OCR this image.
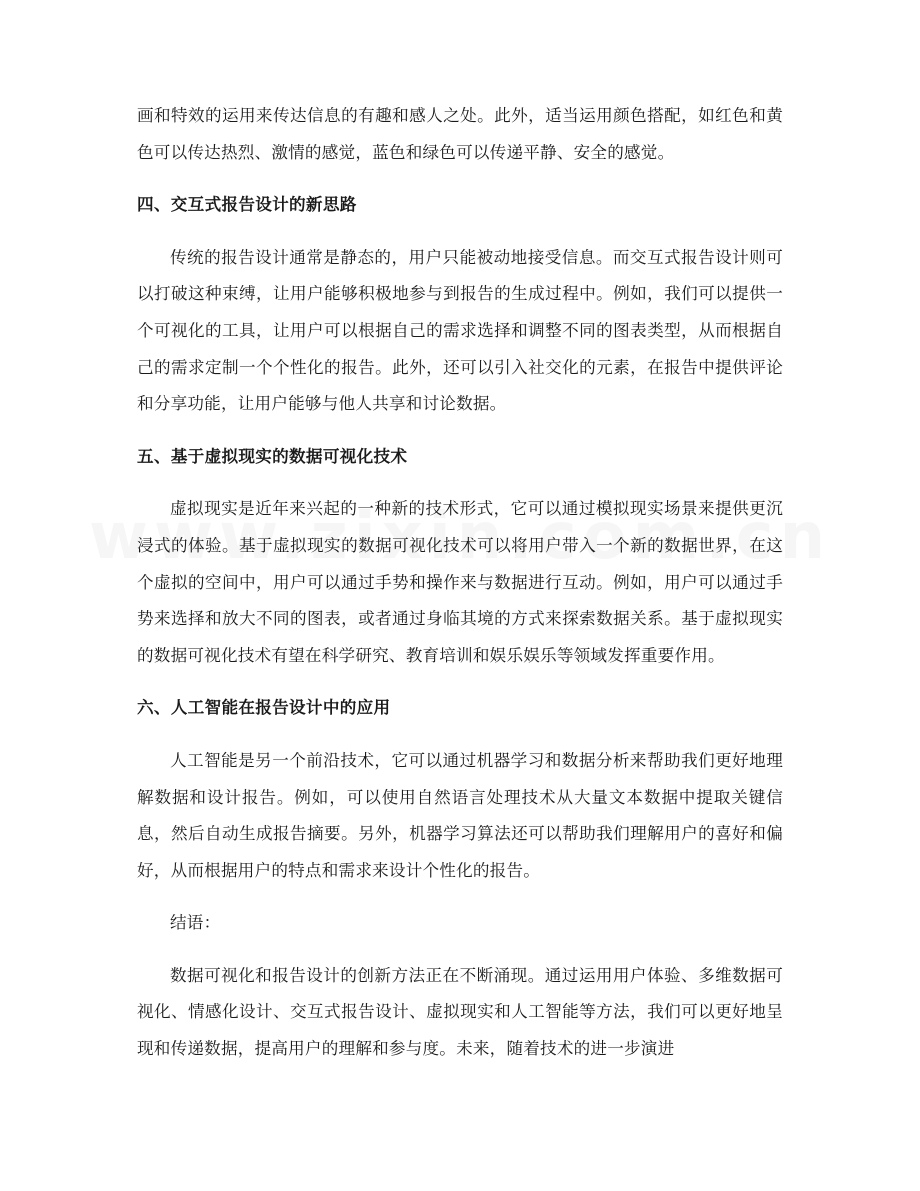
画和特效的运用来传达信息的有趣和感人之处。此外，适当运用颜色搭配，如红色和黄色可以传达热烈、激情的感觉，蓝色和绿色可以传递平静、安全的感觉。

四、交互式报告设计的新思路

传统的报告设计通常是静态的，用户只能被动地接受信息。而交互式报告设计则可以打破这种束缚，让用户能够积极地参与到报告的生成过程中。例如，我们可以提供一个可视化的工具，让用户可以根据自己的需求选择和调整不同的图表类型，从而根据自己的需求定制一个个性化的报告。此外，还可以引入社交化的元素，在报告中提供评论和分享功能，让用户能够与他人共享和讨论数据。

五、基于虚拟现实的数据可视化技术

虚拟现实是近年来兴起的一种新的技术形式，它可以通过模拟现实场景来提供更沉浸式的体验。基于虚拟现实的数据可视化技术可以将用户带入一个新的数据世界，在这个虚拟的空间中，用户可以通过手势和操作来与数据进行互动。例如，用户可以通过手势来选择和放大不同的图表，或者通过身临其境的方式来探索数据关系。基于虚拟现实的数据可视化技术有望在科学研究、教育培训和娱乐娱乐等领域发挥重要作用。

六、人工智能在报告设计中的应用

人工智能是另一个前沿技术，它可以通过机器学习和数据分析来帮助我们更好地理解数据和设计报告。例如，可以使用自然语言处理技术从大量文本数据中提取关键信息，然后自动生成报告摘要。另外，机器学习算法还可以帮助我们理解用户的喜好和偏好，从而根据用户的特点和需求来设计个性化的报告。

结语：

数据可视化和报告设计的创新方法正在不断涌现。通过运用用户体验、多维数据可视化、情感化设计、交互式报告设计、虚拟现实和人工智能等方法，我们可以更好地呈现和传递数据，提高用户的理解和参与度。未来，随着技术的进一步演进
